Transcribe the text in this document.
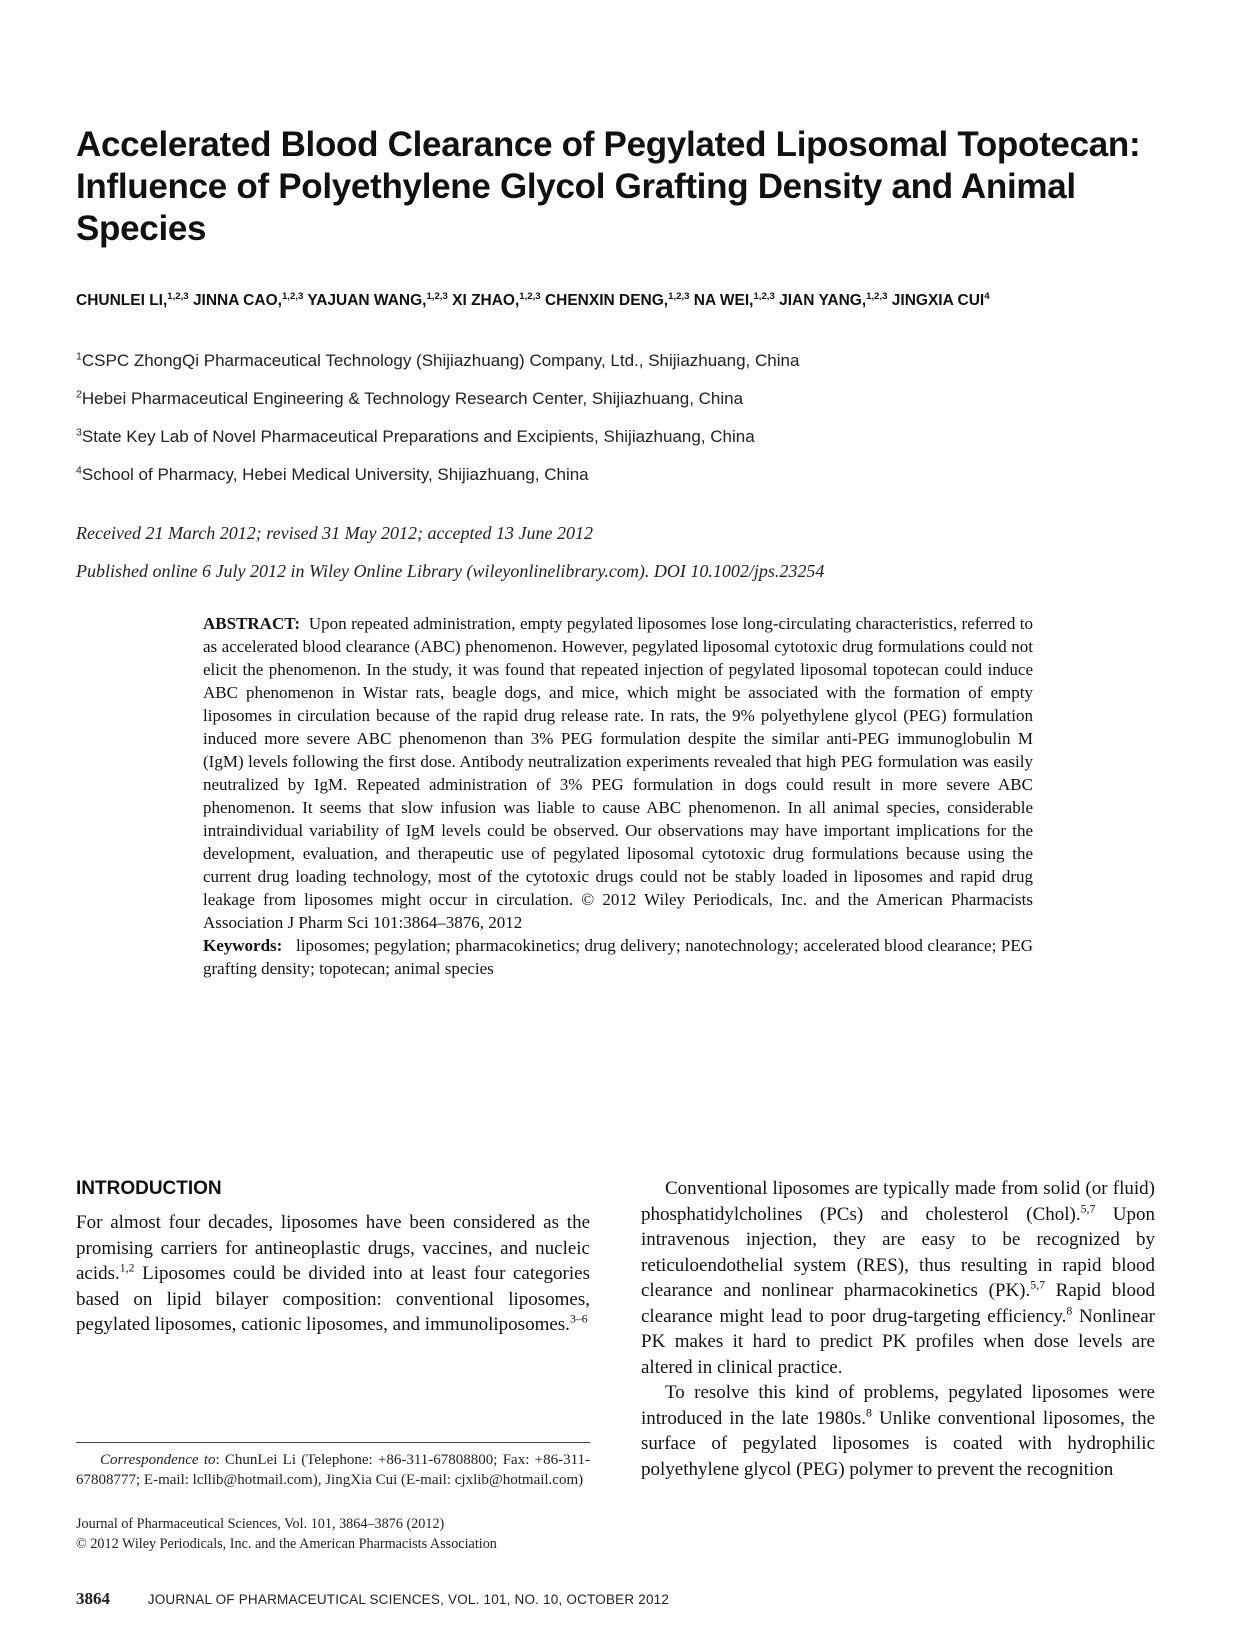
Accelerated Blood Clearance of Pegylated Liposomal Topotecan: Influence of Polyethylene Glycol Grafting Density and Animal Species
CHUNLEI LI,$^{1,2,3}$ JINNA CAO,$^{1,2,3}$ YAJUAN WANG,$^{1,2,3}$ XI ZHAO,$^{1,2,3}$ CHENXIN DENG,$^{1,2,3}$ NA WEI,$^{1,2,3}$ JIAN YANG,$^{1,2,3}$ JINGXIA CUI$^4$
$^1$CSPC ZhongQi Pharmaceutical Technology (Shijiazhuang) Company, Ltd., Shijiazhuang, China
$^2$Hebei Pharmaceutical Engineering & Technology Research Center, Shijiazhuang, China
$^3$State Key Lab of Novel Pharmaceutical Preparations and Excipients, Shijiazhuang, China
$^4$School of Pharmacy, Hebei Medical University, Shijiazhuang, China
Received 21 March 2012; revised 31 May 2012; accepted 13 June 2012
Published online 6 July 2012 in Wiley Online Library (wileyonlinelibrary.com). DOI 10.1002/jps.23254
ABSTRACT: Upon repeated administration, empty pegylated liposomes lose long-circulating characteristics, referred to as accelerated blood clearance (ABC) phenomenon. However, pegylated liposomal cytotoxic drug formulations could not elicit the phenomenon. In the study, it was found that repeated injection of pegylated liposomal topotecan could induce ABC phenomenon in Wistar rats, beagle dogs, and mice, which might be associated with the formation of empty liposomes in circulation because of the rapid drug release rate. In rats, the 9% polyethylene glycol (PEG) formulation induced more severe ABC phenomenon than 3% PEG formulation despite the similar anti-PEG immunoglobulin M (IgM) levels following the first dose. Antibody neutralization experiments revealed that high PEG formulation was easily neutralized by IgM. Repeated administration of 3% PEG formulation in dogs could result in more severe ABC phenomenon. It seems that slow infusion was liable to cause ABC phenomenon. In all animal species, considerable intraindividual variability of IgM levels could be observed. Our observations may have important implications for the development, evaluation, and therapeutic use of pegylated liposomal cytotoxic drug formulations because using the current drug loading technology, most of the cytotoxic drugs could not be stably loaded in liposomes and rapid drug leakage from liposomes might occur in circulation. © 2012 Wiley Periodicals, Inc. and the American Pharmacists Association J Pharm Sci 101:3864–3876, 2012
Keywords: liposomes; pegylation; pharmacokinetics; drug delivery; nanotechnology; accelerated blood clearance; PEG grafting density; topotecan; animal species
INTRODUCTION
For almost four decades, liposomes have been considered as the promising carriers for antineoplastic drugs, vaccines, and nucleic acids.$^{1,2}$ Liposomes could be divided into at least four categories based on lipid bilayer composition: conventional liposomes, pegylated liposomes, cationic liposomes, and immunoliposomes.$^{3-6}$

Conventional liposomes are typically made from solid (or fluid) phosphatidylcholines (PCs) and cholesterol (Chol).$^{5,7}$ Upon intravenous injection, they are easy to be recognized by reticuloendothelial system (RES), thus resulting in rapid blood clearance and nonlinear pharmacokinetics (PK).$^{5,7}$ Rapid blood clearance might lead to poor drug-targeting efficiency.$^8$ Nonlinear PK makes it hard to predict PK profiles when dose levels are altered in clinical practice.

To resolve this kind of problems, pegylated liposomes were introduced in the late 1980s.$^8$ Unlike conventional liposomes, the surface of pegylated liposomes is coated with hydrophilic polyethylene glycol (PEG) polymer to prevent the recognition

Correspondence to: ChunLei Li (Telephone: +86-311-67808800; Fax: +86-311-67808777; E-mail: lcllib@hotmail.com), JingXia Cui (E-mail: cjxlib@hotmail.com)
Journal of Pharmaceutical Sciences, Vol. 101, 3864–3876 (2012)
© 2012 Wiley Periodicals, Inc. and the American Pharmacists Association
3864	JOURNAL OF PHARMACEUTICAL SCIENCES, VOL. 101, NO. 10, OCTOBER 2012
